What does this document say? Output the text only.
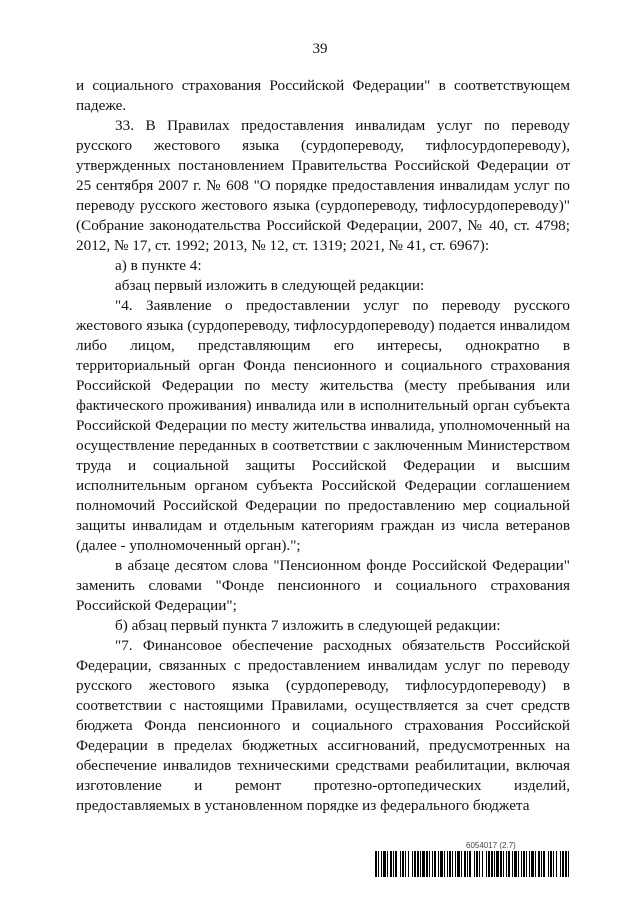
39

и социального страхования Российской Федерации" в соответствующем падеже.

33. В Правилах предоставления инвалидам услуг по переводу русского жестового языка (сурдопереводу, тифлосурдопереводу), утвержденных постановлением Правительства Российской Федерации от 25 сентября 2007 г. № 608 "О порядке предоставления инвалидам услуг по переводу русского жестового языка (сурдопереводу, тифлосурдопереводу)" (Собрание законодательства Российской Федерации, 2007, № 40, ст. 4798; 2012, № 17, ст. 1992; 2013, № 12, ст. 1319; 2021, № 41, ст. 6967):

а) в пункте 4:

абзац первый изложить в следующей редакции:

"4. Заявление о предоставлении услуг по переводу русского жестового языка (сурдопереводу, тифлосурдопереводу) подается инвалидом либо лицом, представляющим его интересы, однократно в территориальный орган Фонда пенсионного и социального страхования Российской Федерации по месту жительства (месту пребывания или фактического проживания) инвалида или в исполнительный орган субъекта Российской Федерации по месту жительства инвалида, уполномоченный на осуществление переданных в соответствии с заключенным Министерством труда и социальной защиты Российской Федерации и высшим исполнительным органом субъекта Российской Федерации соглашением полномочий Российской Федерации по предоставлению мер социальной защиты инвалидам и отдельным категориям граждан из числа ветеранов (далее - уполномоченный орган).";

в абзаце десятом слова "Пенсионном фонде Российской Федерации" заменить словами "Фонде пенсионного и социального страхования Российской Федерации";

б) абзац первый пункта 7 изложить в следующей редакции:

"7. Финансовое обеспечение расходных обязательств Российской Федерации, связанных с предоставлением инвалидам услуг по переводу русского жестового языка (сурдопереводу, тифлосурдопереводу) в соответствии с настоящими Правилами, осуществляется за счет средств бюджета Фонда пенсионного и социального страхования Российской Федерации в пределах бюджетных ассигнований, предусмотренных на обеспечение инвалидов техническими средствами реабилитации, включая изготовление и ремонт протезно-ортопедических изделий, предоставляемых в установленном порядке из федерального бюджета

6054017 (2.7)
